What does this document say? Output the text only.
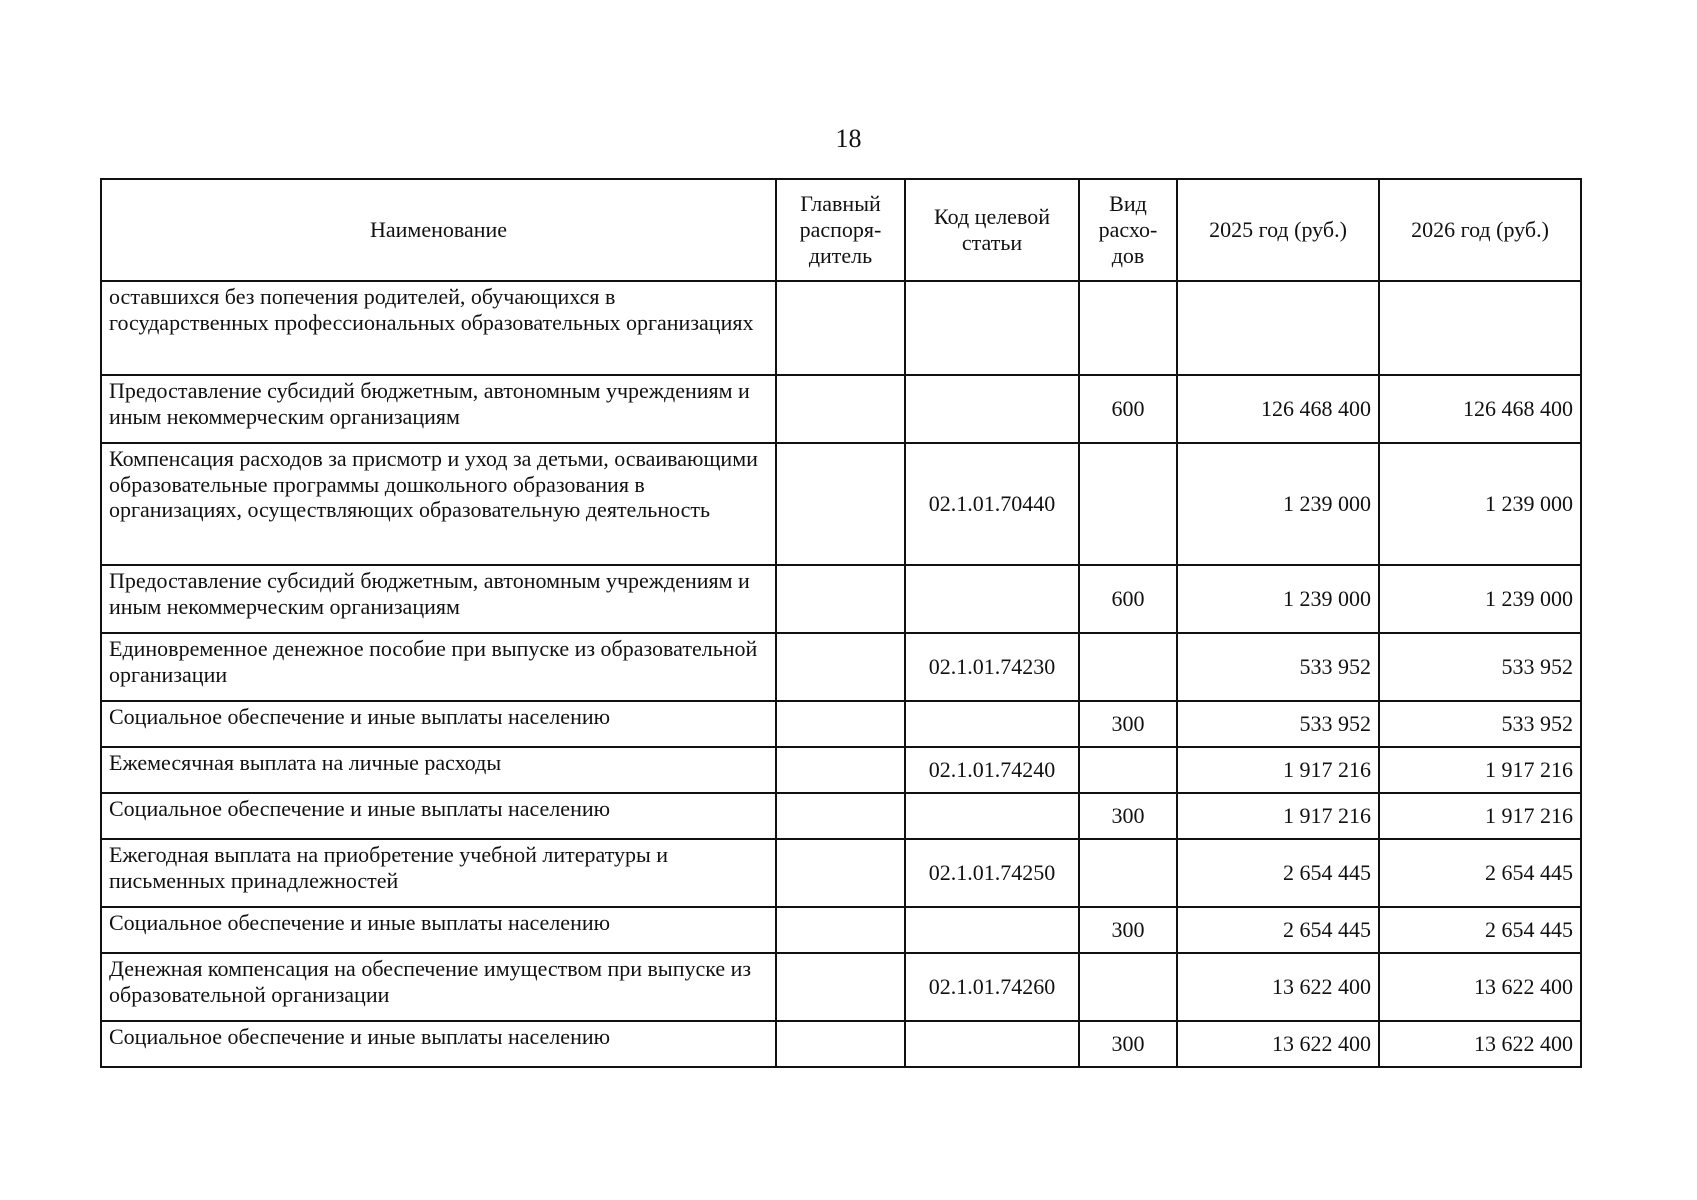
18
Наименование	Главный распоря-дитель	Код целевой статьи	Вид расхо-дов	2025 год (руб.)	2026 год (руб.)
оставшихся без попечения родителей, обучающихся в государственных профессиональных образовательных организациях					
Предоставление субсидий бюджетным, автономным учреждениям и иным некоммерческим организациям			600	126 468 400	126 468 400
Компенсация расходов за присмотр и уход за детьми, осваивающими образовательные программы дошкольного образования в организациях, осуществляющих образовательную деятельность		02.1.01.70440		1 239 000	1 239 000
Предоставление субсидий бюджетным, автономным учреждениям и иным некоммерческим организациям			600	1 239 000	1 239 000
Единовременное денежное пособие при выпуске из образовательной организации		02.1.01.74230		533 952	533 952
Социальное обеспечение и иные выплаты населению			300	533 952	533 952
Ежемесячная выплата на личные расходы		02.1.01.74240		1 917 216	1 917 216
Социальное обеспечение и иные выплаты населению			300	1 917 216	1 917 216
Ежегодная выплата на приобретение учебной литературы и письменных принадлежностей		02.1.01.74250		2 654 445	2 654 445
Социальное обеспечение и иные выплаты населению			300	2 654 445	2 654 445
Денежная компенсация на обеспечение имуществом при выпуске из образовательной организации		02.1.01.74260		13 622 400	13 622 400
Социальное обеспечение и иные выплаты населению			300	13 622 400	13 622 400
